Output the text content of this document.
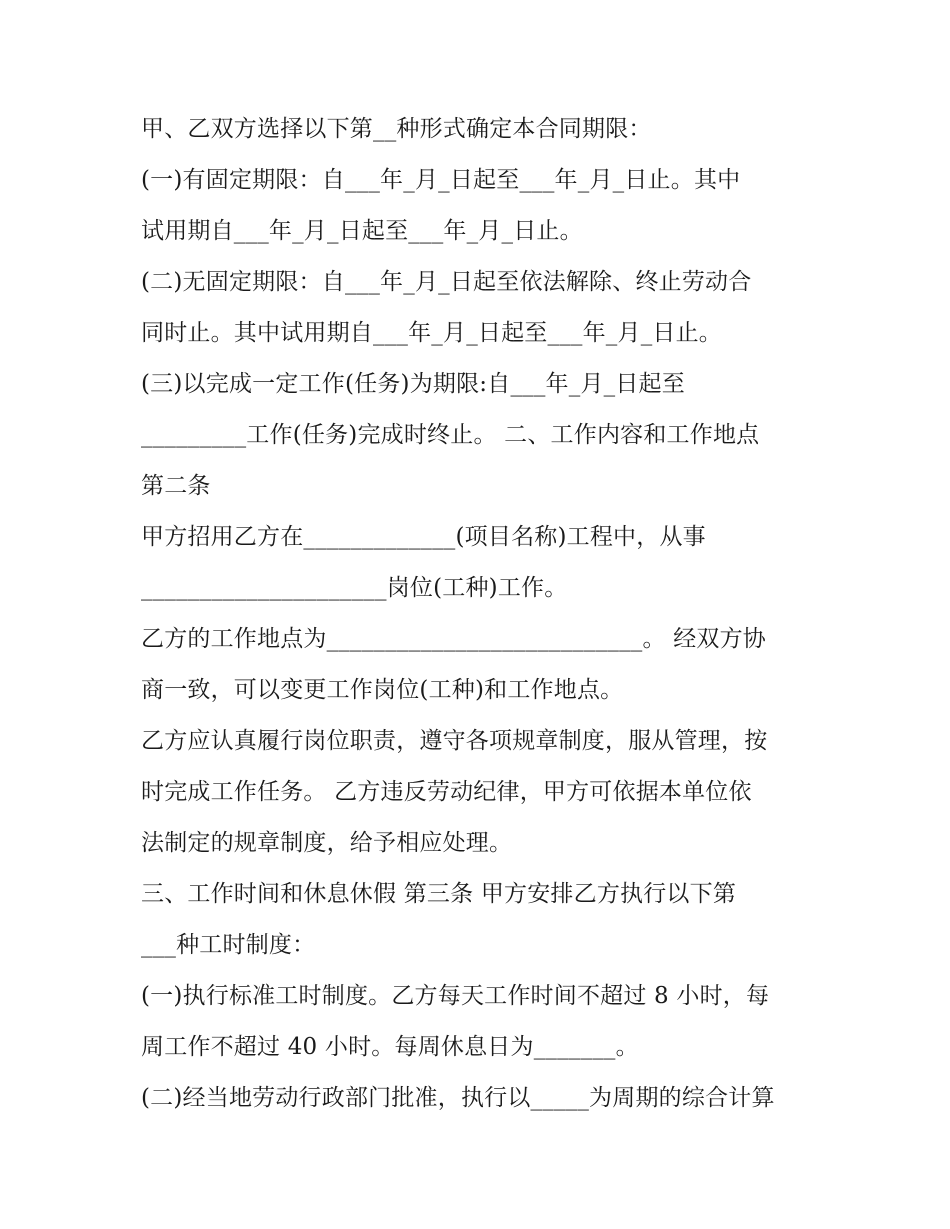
甲、乙双方选择以下第__种形式确定本合同期限：
(一)有固定期限：自___年_月_日起至___年_月_日止。其中
试用期自___年_月_日起至___年_月_日止。
(二)无固定期限：自___年_月_日起至依法解除、终止劳动合
同时止。其中试用期自___年_月_日起至___年_月_日止。
(三)以完成一定工作(任务)为期限:自___年_月_日起至
_________工作(任务)完成时终止。 二、工作内容和工作地点
第二条
甲方招用乙方在_____________(项目名称)工程中，从事
_____________________岗位(工种)工作。
乙方的工作地点为___________________________。 经双方协
商一致，可以变更工作岗位(工种)和工作地点。
乙方应认真履行岗位职责，遵守各项规章制度，服从管理，按
时完成工作任务。 乙方违反劳动纪律，甲方可依据本单位依
法制定的规章制度，给予相应处理。
三、工作时间和休息休假 第三条 甲方安排乙方执行以下第
___种工时制度：
(一)执行标准工时制度。乙方每天工作时间不超过 8 小时，每
周工作不超过 40 小时。每周休息日为_______。
(二)经当地劳动行政部门批准，执行以_____为周期的综合计算
